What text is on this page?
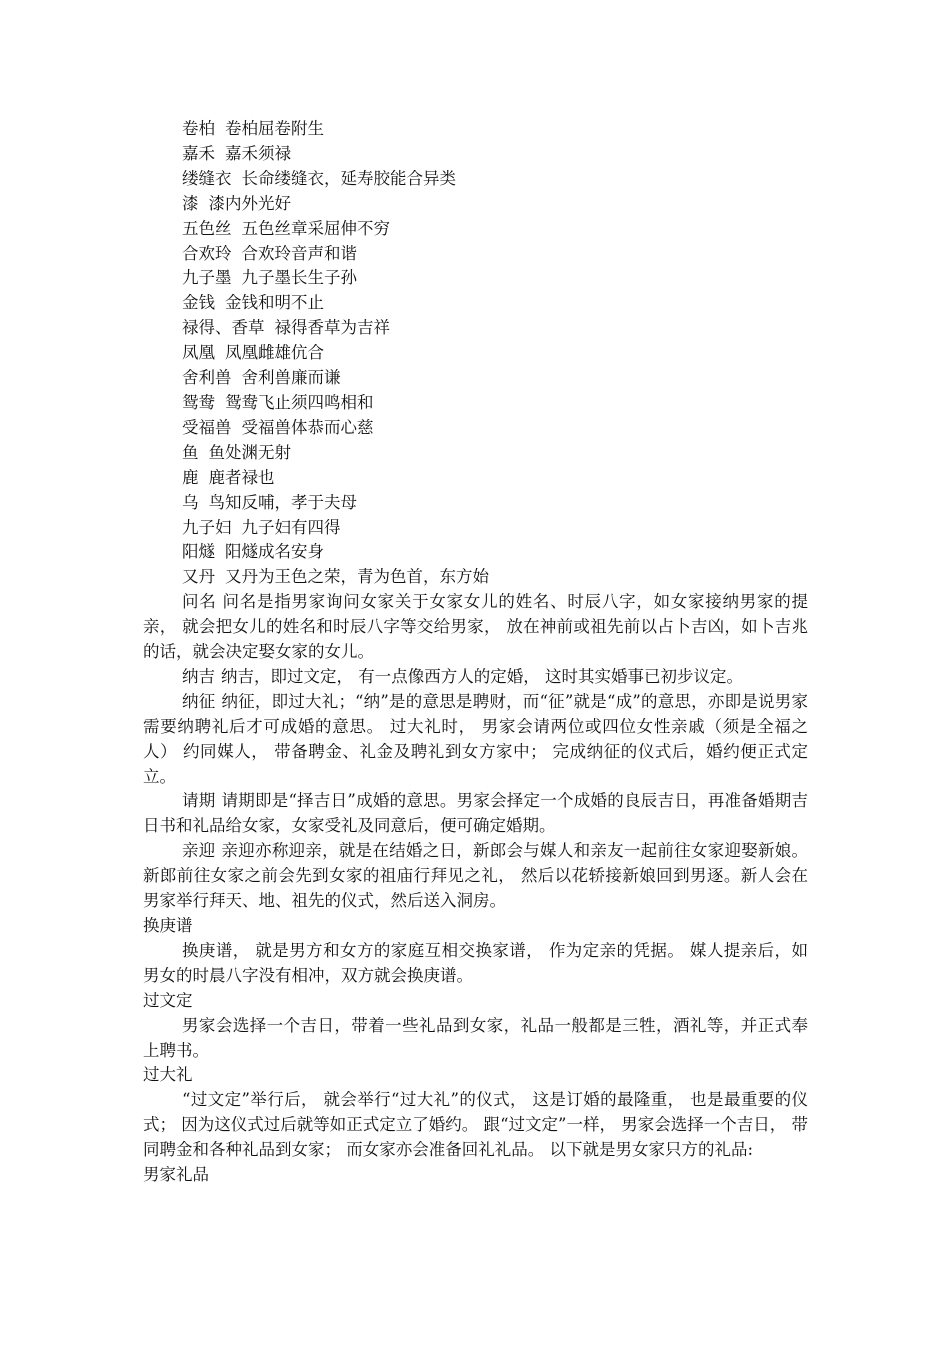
卷柏 卷柏屈卷附生
嘉禾 嘉禾须禄
缕缝衣 长命缕缝衣，延寿胶能合异类
漆 漆内外光好
五色丝 五色丝章采屈伸不穷
合欢玲 合欢玲音声和谐
九子墨 九子墨长生子孙
金钱 金钱和明不止
禄得、香草 禄得香草为吉祥
凤凰 凤凰雌雄伉合
舍利兽 舍利兽廉而谦
鸳鸯 鸳鸯飞止须四鸣相和
受福兽 受福兽体恭而心慈
鱼 鱼处渊无射
鹿 鹿者禄也
乌 鸟知反哺，孝于夫母
九子妇 九子妇有四得
阳燧 阳燧成名安身
又丹 又丹为王色之荣，青为色首，东方始

问名 问名是指男家询问女家关于女家女儿的姓名、时辰八字，如女家接纳男家的提亲， 就会把女儿的姓名和时辰八字等交给男家， 放在神前或祖先前以占卜吉凶，如卜吉兆的话，就会决定娶女家的女儿。

纳吉 纳吉，即过文定， 有一点像西方人的定婚， 这时其实婚事已初步议定。

纳征 纳征，即过大礼；“纳”是的意思是聘财，而“征”就是“成”的意思，亦即是说男家需要纳聘礼后才可成婚的意思。 过大礼时， 男家会请两位或四位女性亲戚（须是全福之人） 约同媒人， 带备聘金、礼金及聘礼到女方家中； 完成纳征的仪式后，婚约便正式定立。

请期 请期即是“择吉日”成婚的意思。男家会择定一个成婚的良辰吉日，再准备婚期吉日书和礼品给女家，女家受礼及同意后，便可确定婚期。

亲迎 亲迎亦称迎亲，就是在结婚之日，新郎会与媒人和亲友一起前往女家迎娶新娘。新郎前往女家之前会先到女家的祖庙行拜见之礼， 然后以花轿接新娘回到男逐。新人会在男家举行拜天、地、祖先的仪式，然后送入洞房。

换庚谱

换庚谱， 就是男方和女方的家庭互相交换家谱， 作为定亲的凭据。 媒人提亲后，如男女的时晨八字没有相冲，双方就会换庚谱。

过文定

男家会选择一个吉日，带着一些礼品到女家，礼品一般都是三牲，酒礼等，并正式奉上聘书。

过大礼

“过文定”举行后， 就会举行“过大礼”的仪式， 这是订婚的最隆重， 也是最重要的仪式； 因为这仪式过后就等如正式定立了婚约。 跟“过文定”一样， 男家会选择一个吉日， 带同聘金和各种礼品到女家； 而女家亦会准备回礼礼品。 以下就是男女家只方的礼品:

男家礼品
